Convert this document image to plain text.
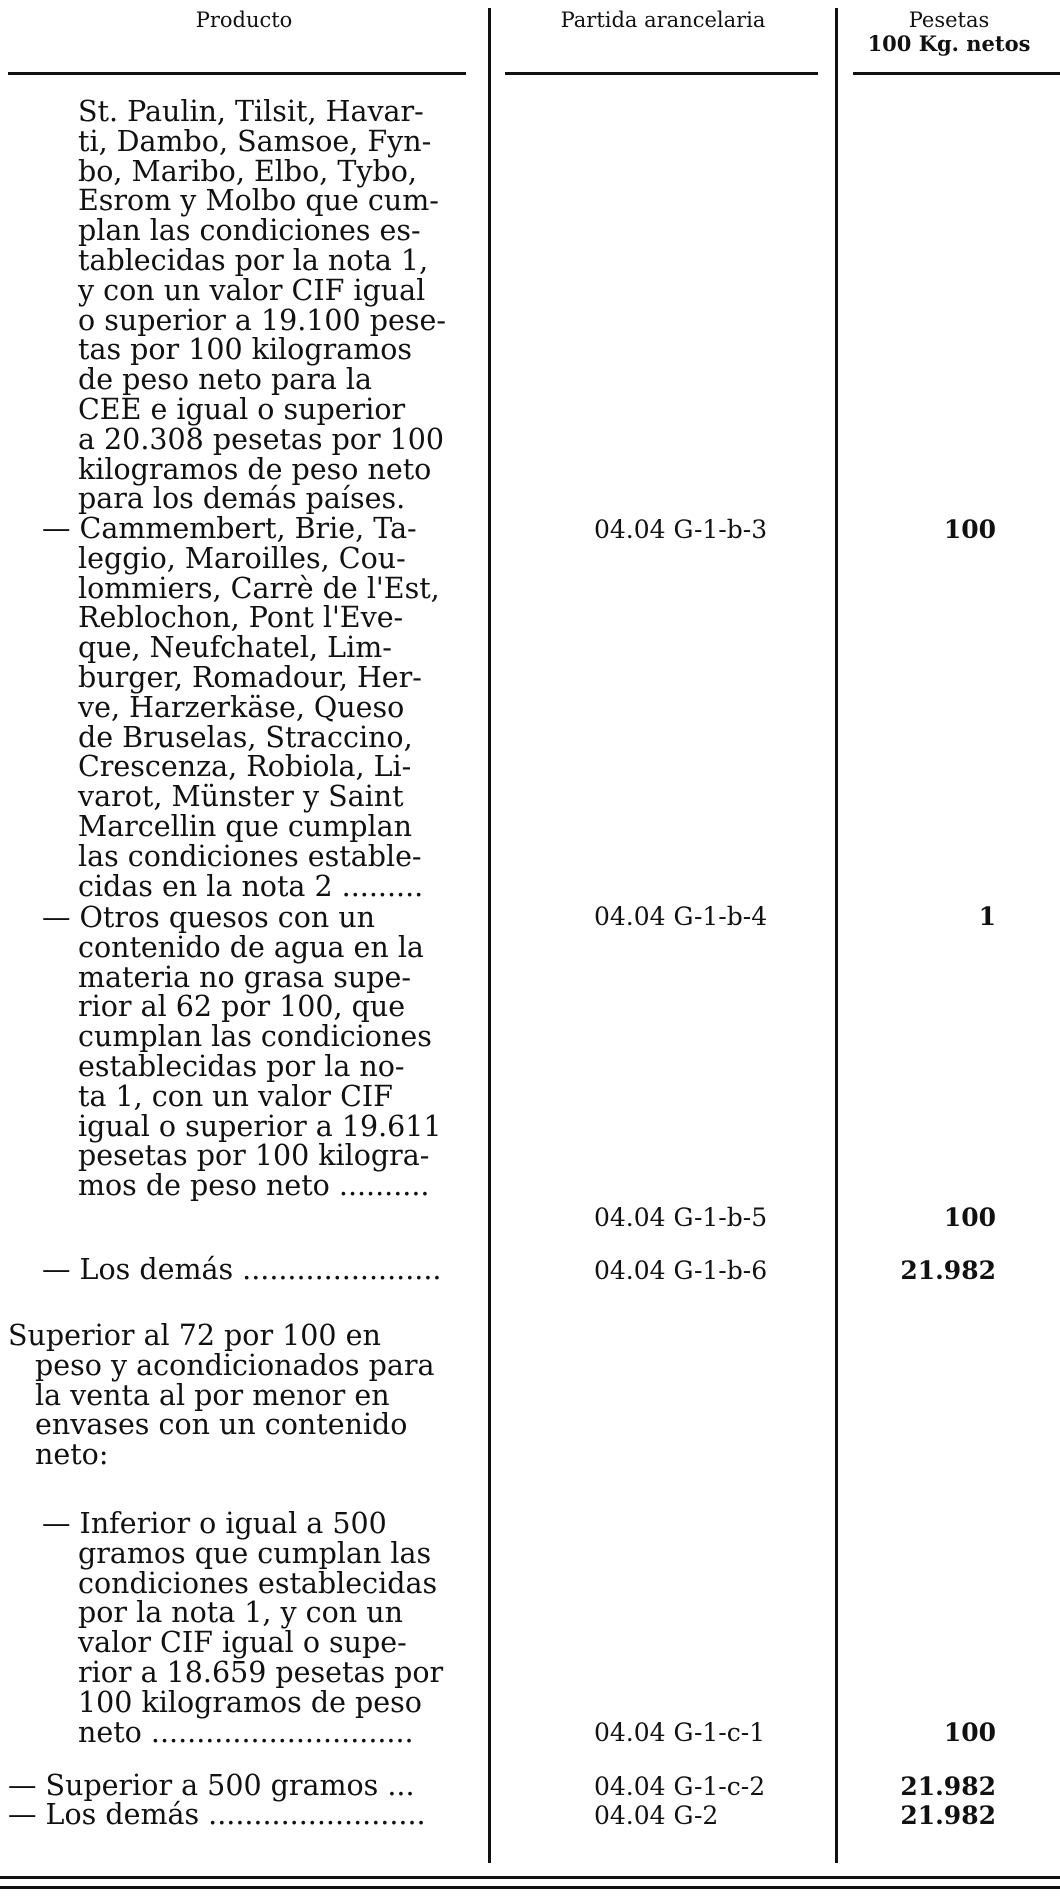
Producto	Partida arancelaria	Pesetas
100 Kg. netos
St. Paulin, Tilsit, Havar-
ti, Dambo, Samsoe, Fyn-
bo, Maribo, Elbo, Tybo,
Esrom y Molbo que cum-
plan las condiciones es-
tablecidas por la nota 1,
y con un valor CIF igual
o superior a 19.100 pese-
tas por 100 kilogramos
de peso neto para la
CEE e igual o superior
a 20.308 pesetas por 100
kilogramos de peso neto
para los demás países.
04.04 G-1-b-3	100
— Cammembert, Brie, Ta-
leggio, Maroilles, Cou-
lommiers, Carrè de l'Est,
Reblochon, Pont l'Eve-
que, Neufchatel, Lim-
burger, Romadour, Her-
ve, Harzerkäse, Queso
de Bruselas, Straccino,
Crescenza, Robiola, Li-
varot, Münster y Saint
Marcellin que cumplan
las condiciones estable-
cidas en la nota 2 .........
04.04 G-1-b-4	1
— Otros quesos con un
contenido de agua en la
materia no grasa supe-
rior al 62 por 100, que
cumplan las condiciones
establecidas por la no-
ta 1, con un valor CIF
igual o superior a 19.611
pesetas por 100 kilogra-
mos de peso neto ..........
04.04 G-1-b-5	100
— Los demás ......................	04.04 G-1-b-6	21.982
Superior al 72 por 100 en
peso y acondicionados para
la venta al por menor en
envases con un contenido
neto:
— Inferior o igual a 500
gramos que cumplan las
condiciones establecidas
por la nota 1, y con un
valor CIF igual o supe-
rior a 18.659 pesetas por
100 kilogramos de peso
neto .............................	04.04 G-1-c-1	100
— Superior a 500 gramos ...	04.04 G-1-c-2	21.982
— Los demás ........................	04.04 G-2	21.982
